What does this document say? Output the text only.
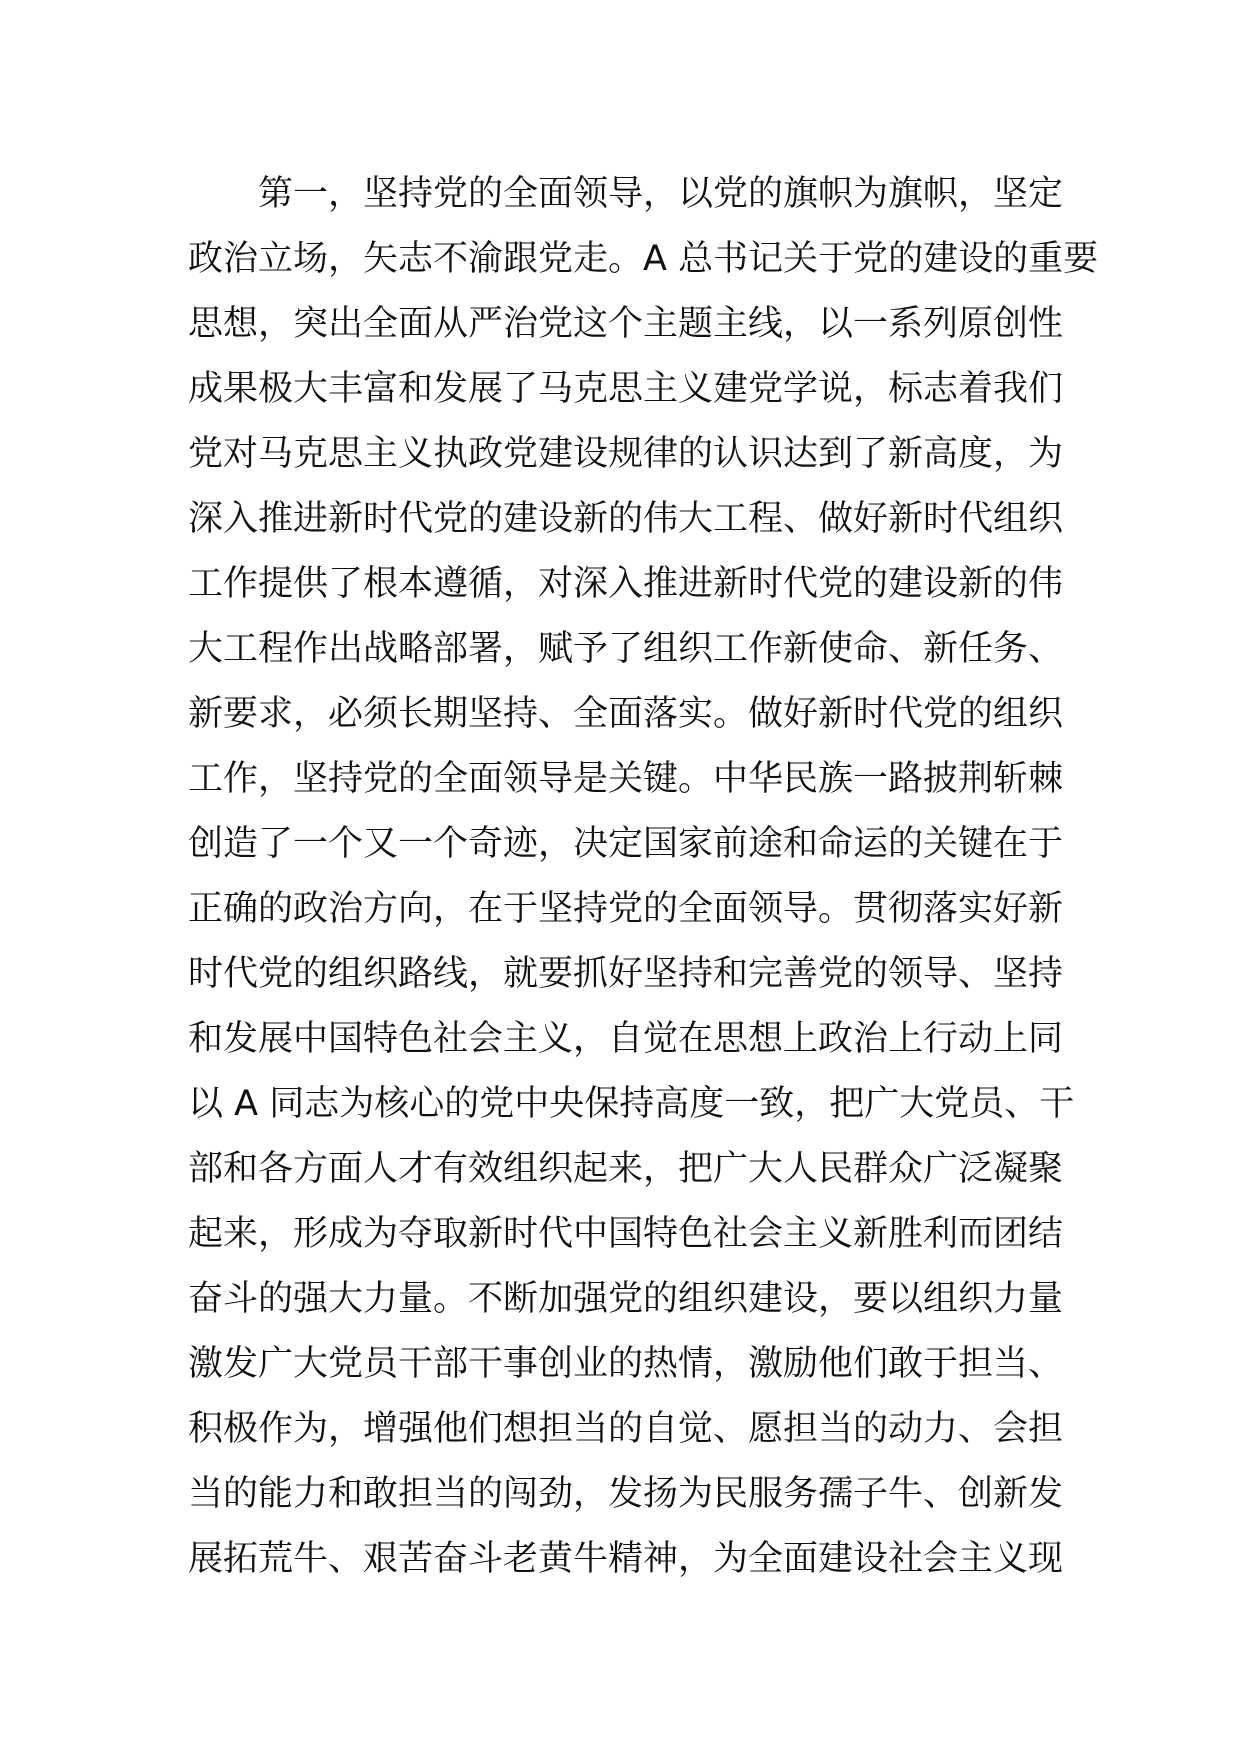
第一，坚持党的全面领导，以党的旗帜为旗帜，坚定
政治立场，矢志不渝跟党走。A 总书记关于党的建设的重要
思想，突出全面从严治党这个主题主线，以一系列原创性
成果极大丰富和发展了马克思主义建党学说，标志着我们
党对马克思主义执政党建设规律的认识达到了新高度，为
深入推进新时代党的建设新的伟大工程、做好新时代组织
工作提供了根本遵循，对深入推进新时代党的建设新的伟
大工程作出战略部署，赋予了组织工作新使命、新任务、
新要求，必须长期坚持、全面落实。做好新时代党的组织
工作，坚持党的全面领导是关键。中华民族一路披荆斩棘
创造了一个又一个奇迹，决定国家前途和命运的关键在于
正确的政治方向，在于坚持党的全面领导。贯彻落实好新
时代党的组织路线，就要抓好坚持和完善党的领导、坚持
和发展中国特色社会主义，自觉在思想上政治上行动上同
以 A 同志为核心的党中央保持高度一致，把广大党员、干
部和各方面人才有效组织起来，把广大人民群众广泛凝聚
起来，形成为夺取新时代中国特色社会主义新胜利而团结
奋斗的强大力量。不断加强党的组织建设，要以组织力量
激发广大党员干部干事创业的热情，激励他们敢于担当、
积极作为，增强他们想担当的自觉、愿担当的动力、会担
当的能力和敢担当的闯劲，发扬为民服务孺子牛、创新发
展拓荒牛、艰苦奋斗老黄牛精神，为全面建设社会主义现
